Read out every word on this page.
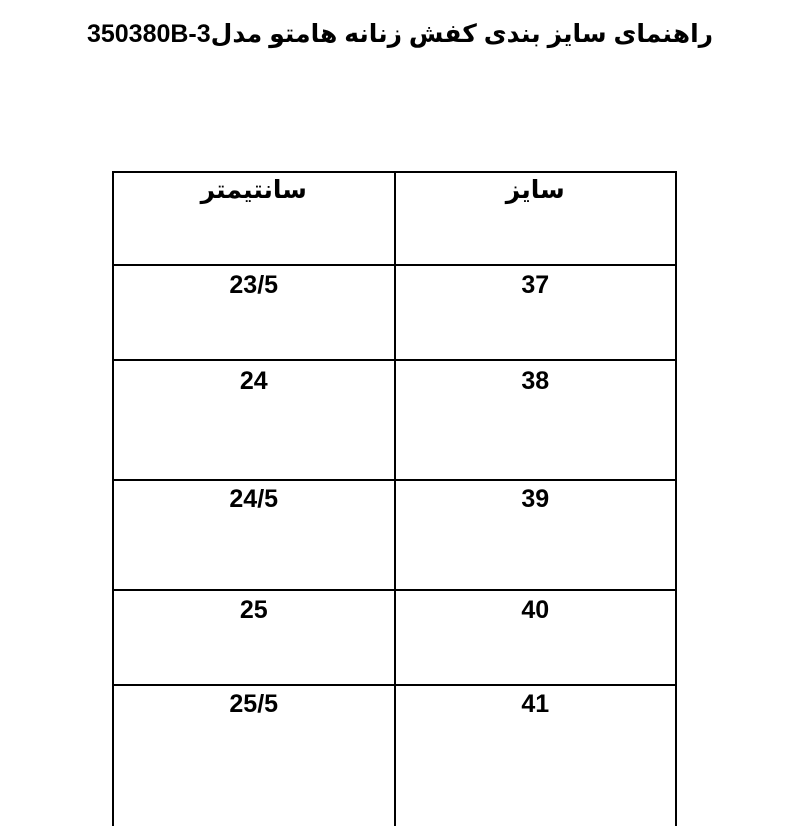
راهنمای سایز بندی کفش زنانه هامتو مدل350380B-3
سانتیمتر	سایز
23/5	37
24	38
24/5	39
25	40
25/5	41
